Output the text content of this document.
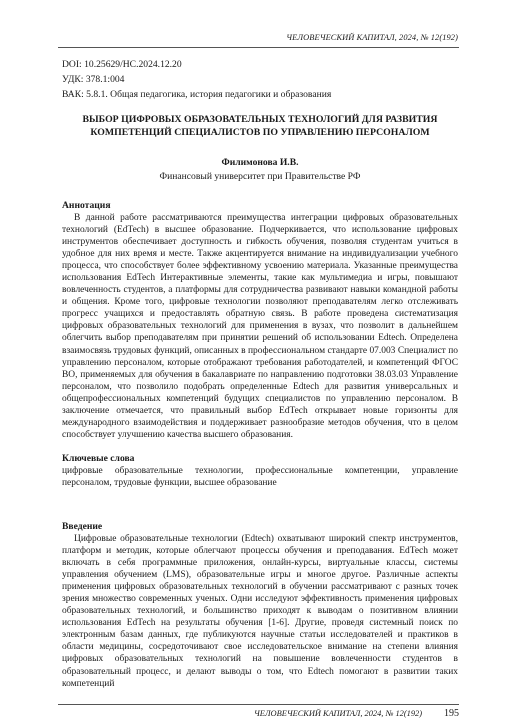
ЧЕЛОВЕЧЕСКИЙ КАПИТАЛ, 2024, № 12(192)
DOI: 10.25629/HC.2024.12.20
УДК: 378.1:004
ВАК: 5.8.1. Общая педагогика, история педагогики и образования
ВЫБОР ЦИФРОВЫХ ОБРАЗОВАТЕЛЬНЫХ ТЕХНОЛОГИЙ ДЛЯ РАЗВИТИЯ КОМПЕТЕНЦИЙ СПЕЦИАЛИСТОВ ПО УПРАВЛЕНИЮ ПЕРСОНАЛОМ
Филимонова И.В.
Финансовый университет при Правительстве РФ
Аннотация
В данной работе рассматриваются преимущества интеграции цифровых образовательных технологий (EdTech) в высшее образование. Подчеркивается, что использование цифровых инструментов обеспечивает доступность и гибкость обучения, позволяя студентам учиться в удобное для них время и месте. Также акцентируется внимание на индивидуализации учебного процесса, что способствует более эффективному усвоению материала. Указанные преимущества использования EdTech Интерактивные элементы, такие как мультимедиа и игры, повышают вовлеченность студентов, а платформы для сотрудничества развивают навыки командной работы и общения. Кроме того, цифровые технологии позволяют преподавателям легко отслеживать прогресс учащихся и предоставлять обратную связь. В работе проведена систематизация цифровых образовательных технологий для применения в вузах, что позволит в дальнейшем облегчить выбор преподавателям при принятии решений об использовании Edtech. Определена взаимосвязь трудовых функций, описанных в профессиональном стандарте 07.003 Специалист по управлению персоналом, которые отображают требования работодателей, и компетенций ФГОС ВО, применяемых для обучения в бакалавриате по направлению подготовки 38.03.03 Управление персоналом, что позволило подобрать определенные Edtech для развития универсальных и общепрофессиональных компетенций будущих специалистов по управлению персоналом. В заключение отмечается, что правильный выбор EdTech открывает новые горизонты для международного взаимодействия и поддерживает разнообразие методов обучения, что в целом способствует улучшению качества высшего образования.
Ключевые слова
цифровые образовательные технологии, профессиональные компетенции, управление персоналом, трудовые функции, высшее образование
Введение
Цифровые образовательные технологии (Edtech) охватывают широкий спектр инструментов, платформ и методик, которые облегчают процессы обучения и преподавания. EdTech может включать в себя программные приложения, онлайн-курсы, виртуальные классы, системы управления обучением (LMS), образовательные игры и многое другое. Различные аспекты применения цифровых образовательных технологий в обучении рассматривают с разных точек зрения множество современных ученых. Одни исследуют эффективность применения цифровых образовательных технологий, и большинство приходят к выводам о позитивном влиянии использования EdTech на результаты обучения [1-6]. Другие, проведя системный поиск по электронным базам данных, где публикуются научные статьи исследователей и практиков в области медицины, сосредоточивают свое исследовательское внимание на степени влияния цифровых образовательных технологий на повышение вовлеченности студентов в образовательный процесс, и делают выводы о том, что Edtech помогают в развитии таких компетенций
ЧЕЛОВЕЧЕСКИЙ КАПИТАЛ, 2024, № 12(192) 195
